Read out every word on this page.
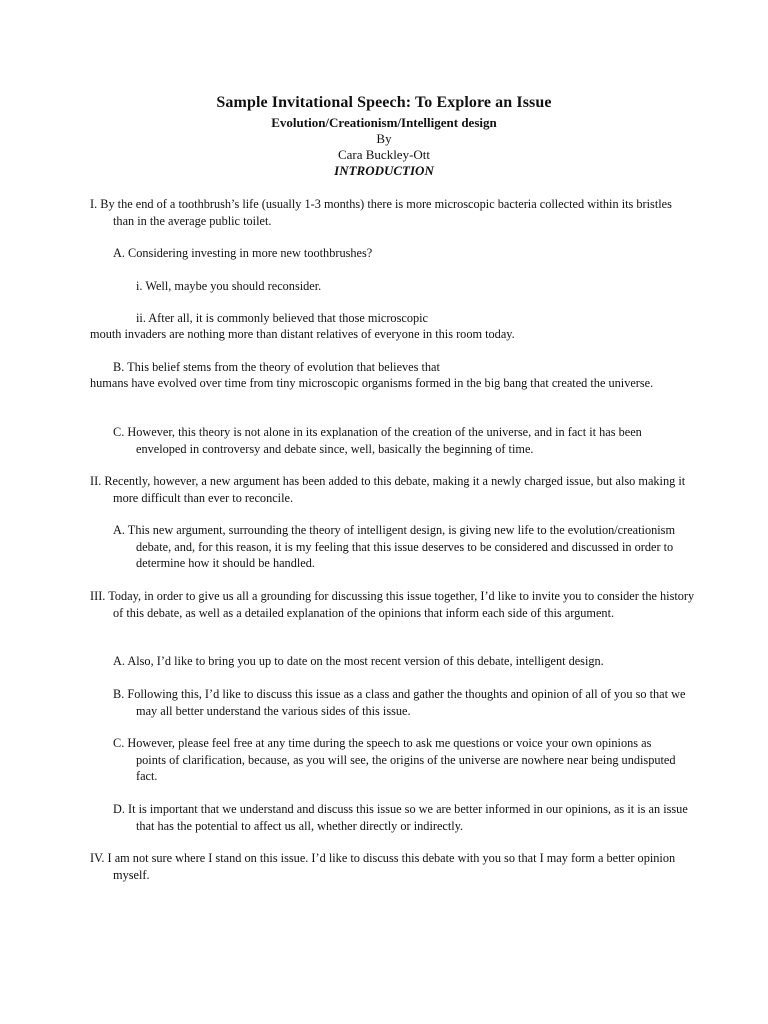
Sample Invitational Speech: To Explore an Issue
Evolution/Creationism/Intelligent design
By
Cara Buckley-Ott
INTRODUCTION

I. By the end of a toothbrush’s life (usually 1-3 months) there is more microscopic bacteria collected within its bristles than in the average public toilet.

A. Considering investing in more new toothbrushes?

i. Well, maybe you should reconsider.

ii. After all, it is commonly believed that those microscopic

mouth invaders are nothing more than distant relatives of everyone in this room today.

B. This belief stems from the theory of evolution that believes that

humans have evolved over time from tiny microscopic organisms formed in the big bang that created the universe.

C. However, this theory is not alone in its explanation of the creation of the universe, and in fact it has been enveloped in controversy and debate since, well, basically the beginning of time.

II. Recently, however, a new argument has been added to this debate, making it a newly charged issue, but also making it more difficult than ever to reconcile.

A. This new argument, surrounding the theory of intelligent design, is giving new life to the evolution/creationism debate, and, for this reason, it is my feeling that this issue deserves to be considered and discussed in order to determine how it should be handled.

III. Today, in order to give us all a grounding for discussing this issue together, I’d like to invite you to consider the history of this debate, as well as a detailed explanation of the opinions that inform each side of this argument.

A. Also, I’d like to bring you up to date on the most recent version of this debate, intelligent design.

B. Following this, I’d like to discuss this issue as a class and gather the thoughts and opinion of all of you so that we may all better understand the various sides of this issue.

C. However, please feel free at any time during the speech to ask me questions or voice your own opinions as points of clarification, because, as you will see, the origins of the universe are nowhere near being undisputed fact.

D. It is important that we understand and discuss this issue so we are better informed in our opinions, as it is an issue that has the potential to affect us all, whether directly or indirectly.

IV. I am not sure where I stand on this issue. I’d like to discuss this debate with you so that I may form a better opinion myself.
